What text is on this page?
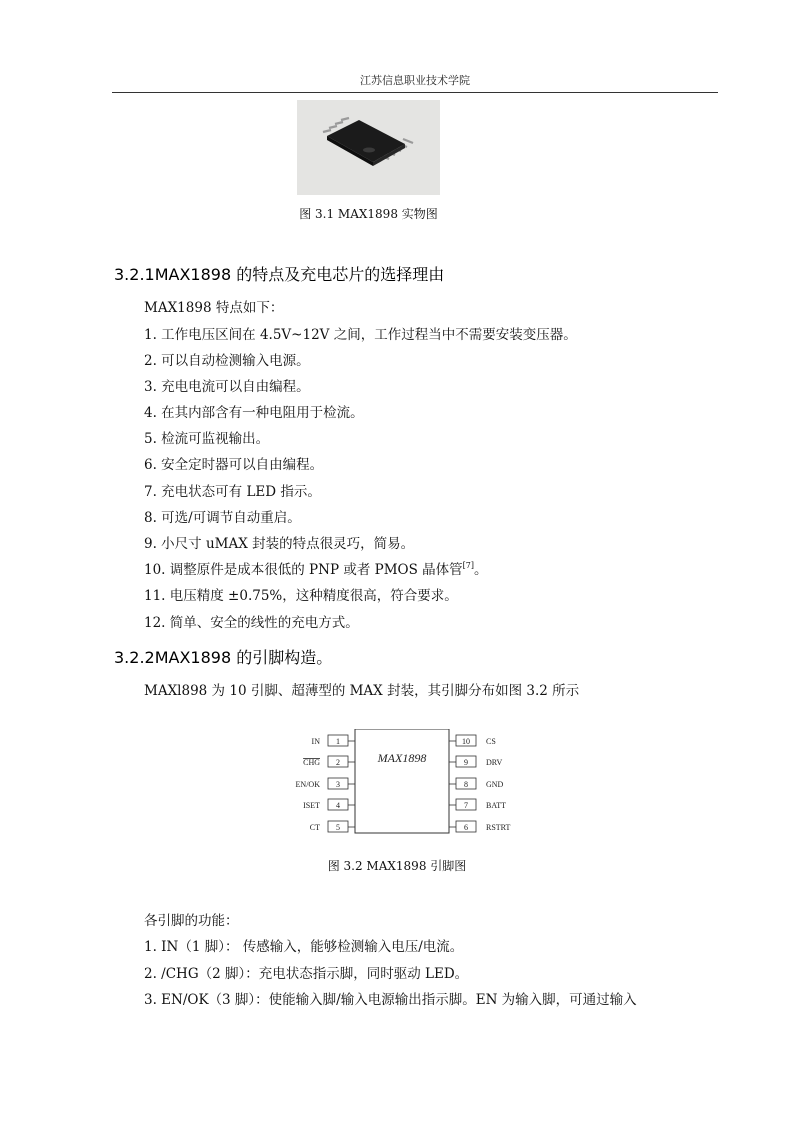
江苏信息职业技术学院
图 3.1 MAX1898 实物图
3.2.1MAX1898 的特点及充电芯片的选择理由
MAX1898 特点如下：
1. 工作电压区间在 4.5V~12V 之间，工作过程当中不需要安装变压器。
2. 可以自动检测输入电源。
3. 充电电流可以自由编程。
4. 在其内部含有一种电阻用于检流。
5. 检流可监视输出。
6. 安全定时器可以自由编程。
7. 充电状态可有 LED 指示。
8. 可选/可调节自动重启。
9. 小尺寸 uMAX 封装的特点很灵巧，简易。
10. 调整原件是成本很低的 PNP 或者 PMOS 晶体管[7]。
11. 电压精度 ±0.75%，这种精度很高，符合要求。
12. 简单、安全的线性的充电方式。
3.2.2MAX1898 的引脚构造。
MAXl898 为 10 引脚、超薄型的 MAX 封装，其引脚分布如图 3.2 所示
MAX1898
1
IN
2
CHG
3
EN/OK
4
ISET
5
CT
10 CS
9 DRV
8 GND
7 BATT
6 RSTRT
图 3.2 MAX1898 引脚图
各引脚的功能：
1. IN（1 脚）： 传感输入，能够检测输入电压/电流。
2. /CHG（2 脚）：充电状态指示脚，同时驱动 LED。
3. EN/OK（3 脚）：使能输入脚/输入电源输出指示脚。EN 为输入脚，可通过输入
